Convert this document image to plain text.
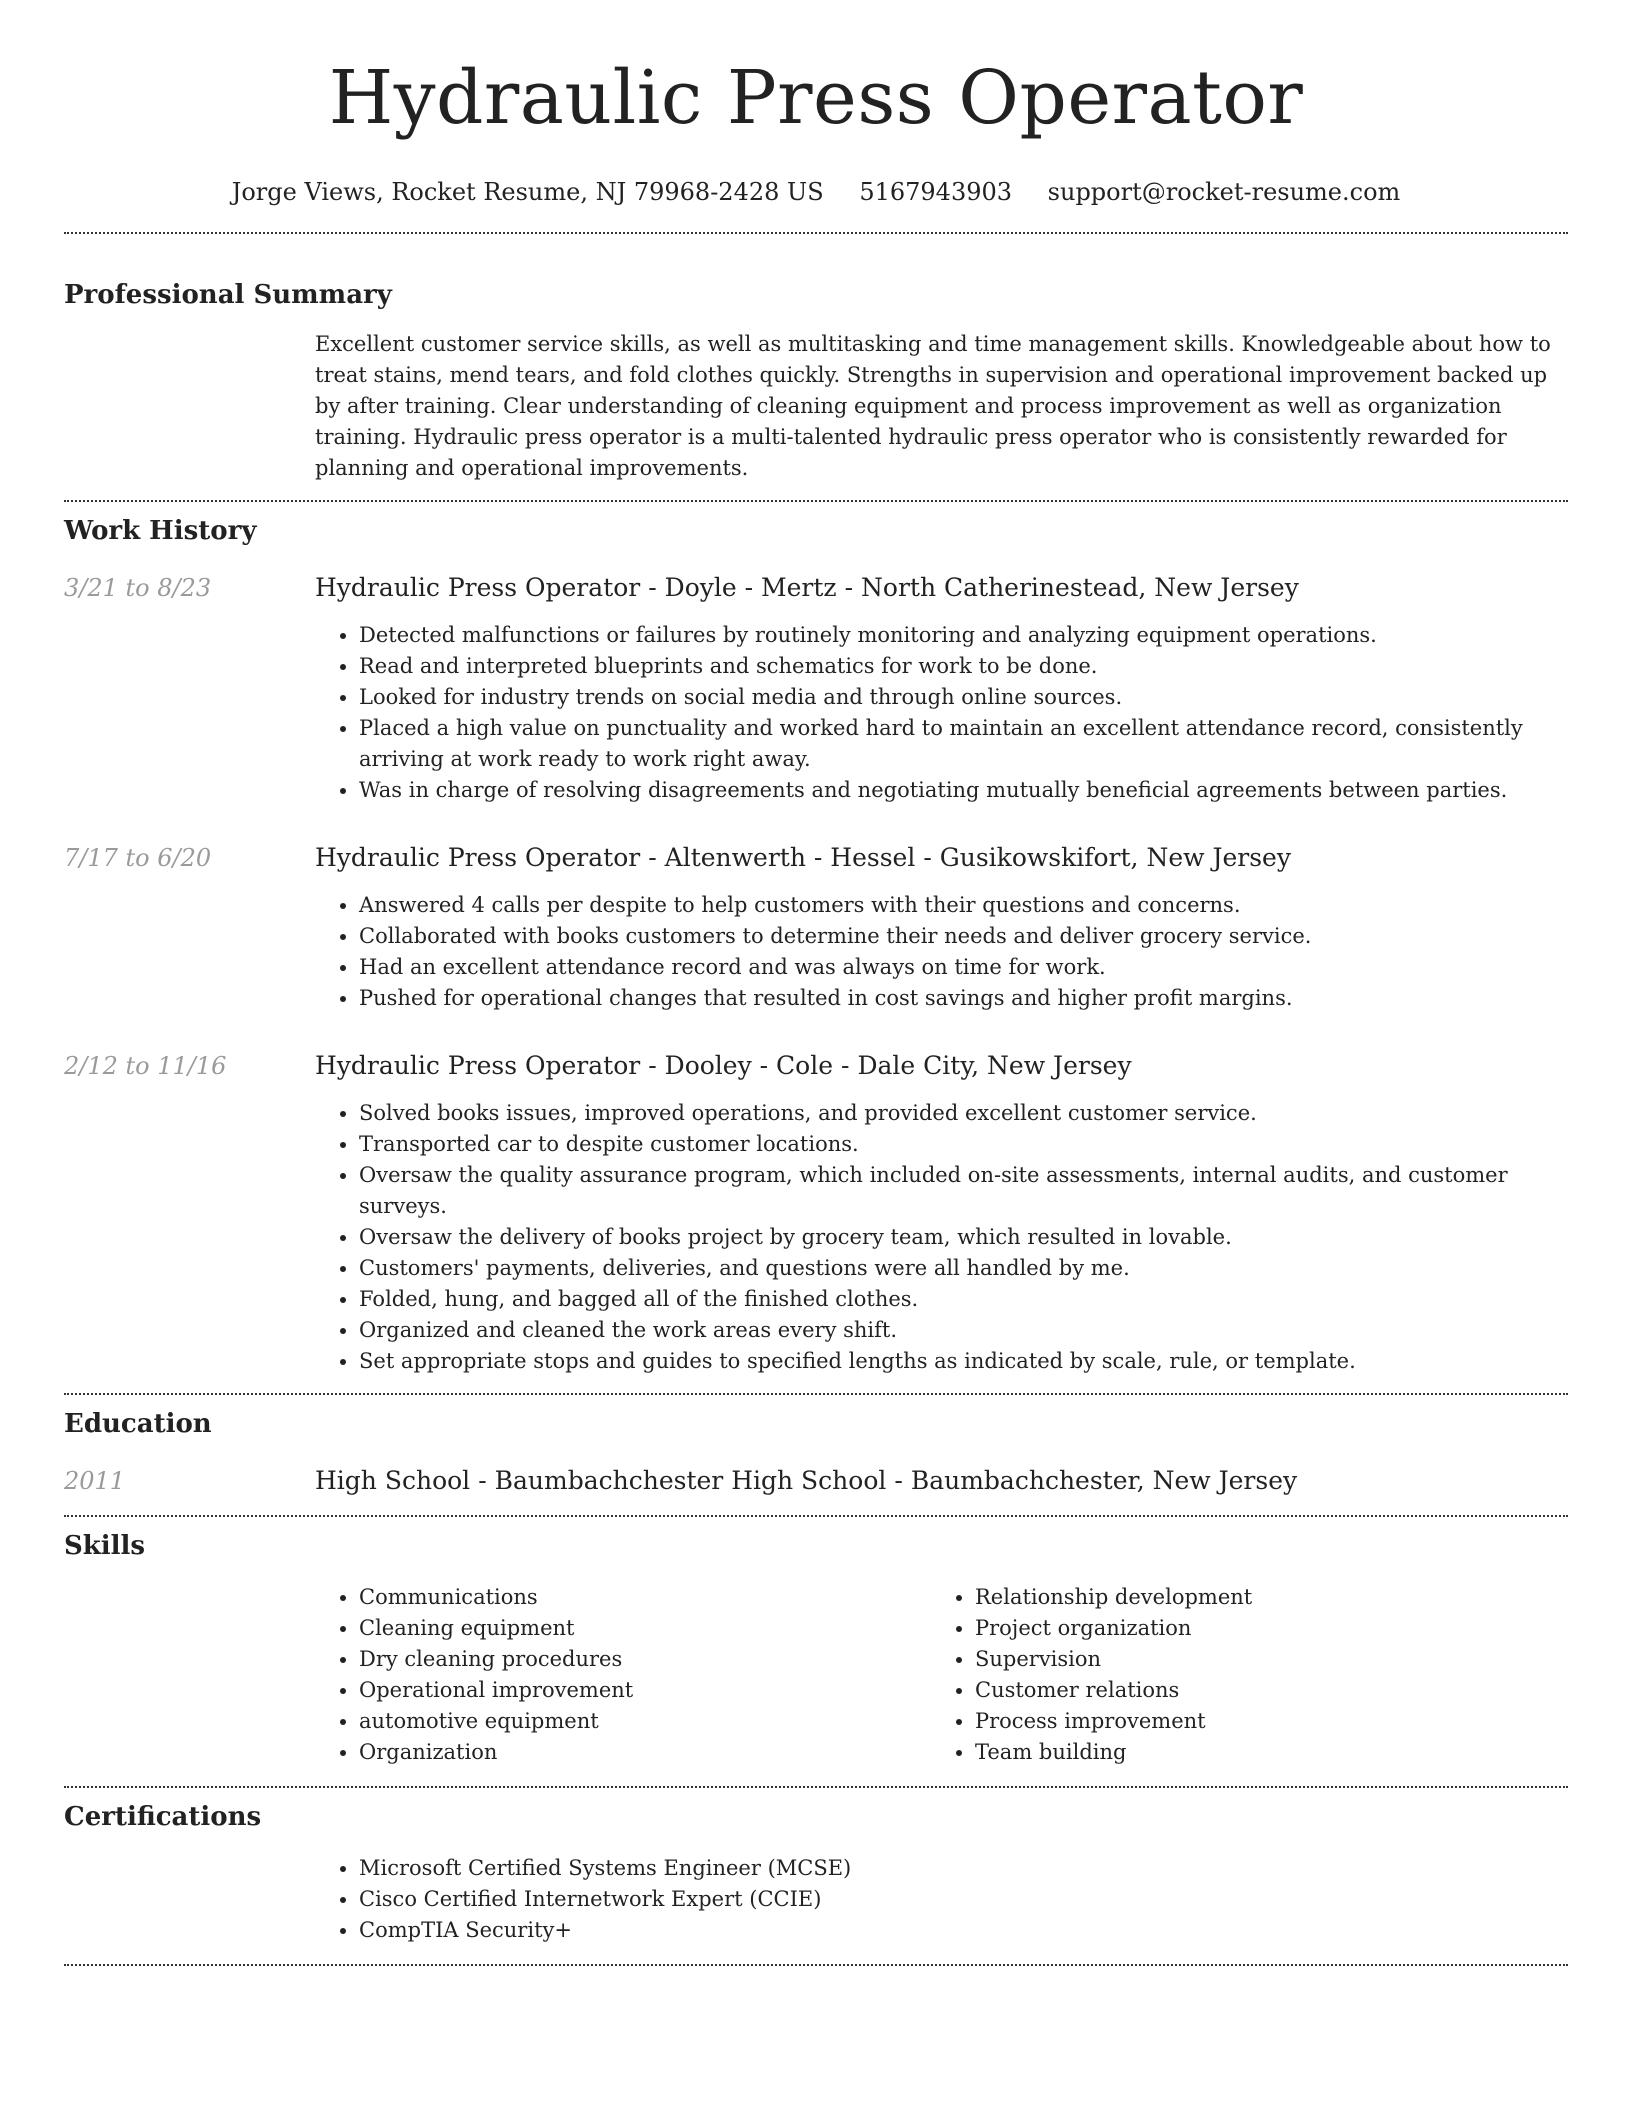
Hydraulic Press Operator
Jorge Views, Rocket Resume, NJ 79968-2428 US 5167943903 support@rocket-resume.com
Professional Summary
Excellent customer service skills, as well as multitasking and time management skills. Knowledgeable about how to treat stains, mend tears, and fold clothes quickly. Strengths in supervision and operational improvement backed up by after training. Clear understanding of cleaning equipment and process improvement as well as organization training. Hydraulic press operator is a multi-talented hydraulic press operator who is consistently rewarded for planning and operational improvements.
Work History
3/21 to 8/23	Hydraulic Press Operator - Doyle - Mertz - North Catherinestead, New Jersey
• Detected malfunctions or failures by routinely monitoring and analyzing equipment operations.
• Read and interpreted blueprints and schematics for work to be done.
• Looked for industry trends on social media and through online sources.
• Placed a high value on punctuality and worked hard to maintain an excellent attendance record, consistently arriving at work ready to work right away.
• Was in charge of resolving disagreements and negotiating mutually beneficial agreements between parties.
7/17 to 6/20	Hydraulic Press Operator - Altenwerth - Hessel - Gusikowskifort, New Jersey
• Answered 4 calls per despite to help customers with their questions and concerns.
• Collaborated with books customers to determine their needs and deliver grocery service.
• Had an excellent attendance record and was always on time for work.
• Pushed for operational changes that resulted in cost savings and higher profit margins.
2/12 to 11/16	Hydraulic Press Operator - Dooley - Cole - Dale City, New Jersey
• Solved books issues, improved operations, and provided excellent customer service.
• Transported car to despite customer locations.
• Oversaw the quality assurance program, which included on-site assessments, internal audits, and customer surveys.
• Oversaw the delivery of books project by grocery team, which resulted in lovable.
• Customers' payments, deliveries, and questions were all handled by me.
• Folded, hung, and bagged all of the finished clothes.
• Organized and cleaned the work areas every shift.
• Set appropriate stops and guides to specified lengths as indicated by scale, rule, or template.
Education
2011	High School - Baumbachchester High School - Baumbachchester, New Jersey
Skills
• Communications
• Cleaning equipment
• Dry cleaning procedures
• Operational improvement
• automotive equipment
• Organization
• Relationship development
• Project organization
• Supervision
• Customer relations
• Process improvement
• Team building
Certifications
• Microsoft Certified Systems Engineer (MCSE)
• Cisco Certified Internetwork Expert (CCIE)
• CompTIA Security+
